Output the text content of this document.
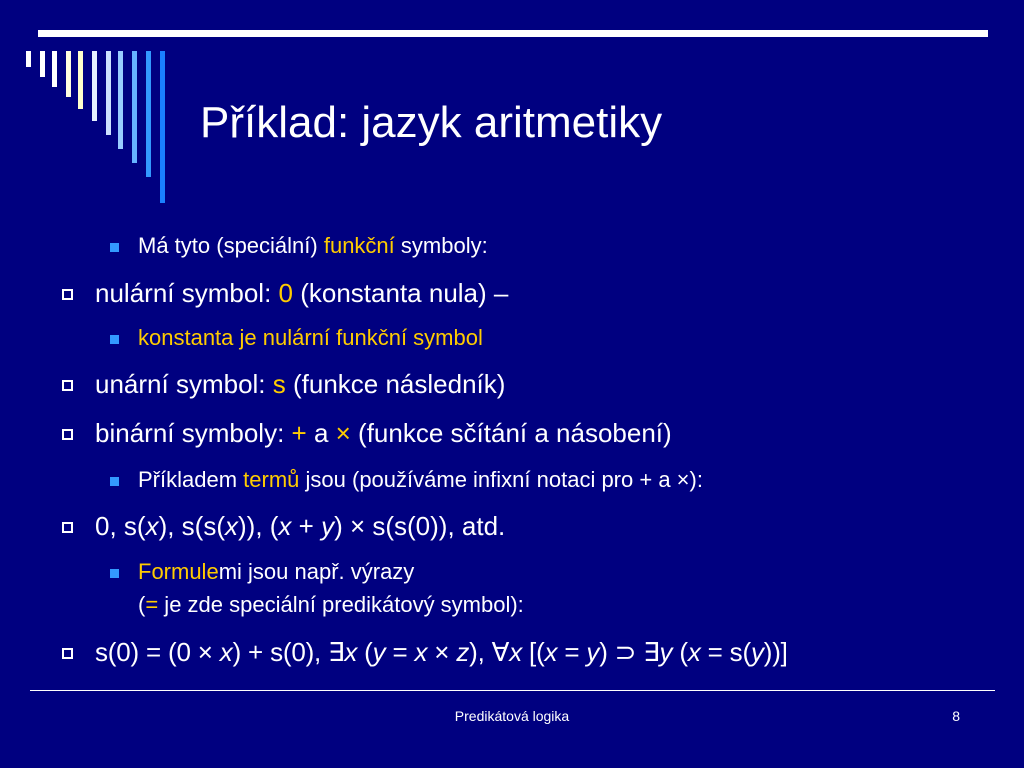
Příklad: jazyk aritmetiky
Má tyto (speciální) funkční symboly:
nulární symbol: 0 (konstanta nula) –
konstanta je nulární funkční symbol
unární symbol: s (funkce následník)
binární symboly: + a × (funkce sčítání a násobení)
Příkladem termů jsou (používáme infixní notaci pro + a ×):
0, s(x), s(s(x)), (x + y) × s(s(0)), atd.
Formulemi jsou např. výrazy
(= je zde speciální predikátový symbol):
s(0) = (0 × x) + s(0), ∃x (y = x × z), ∀x [(x = y) ⊃ ∃y (x = s(y))]
Predikátová logika	8
